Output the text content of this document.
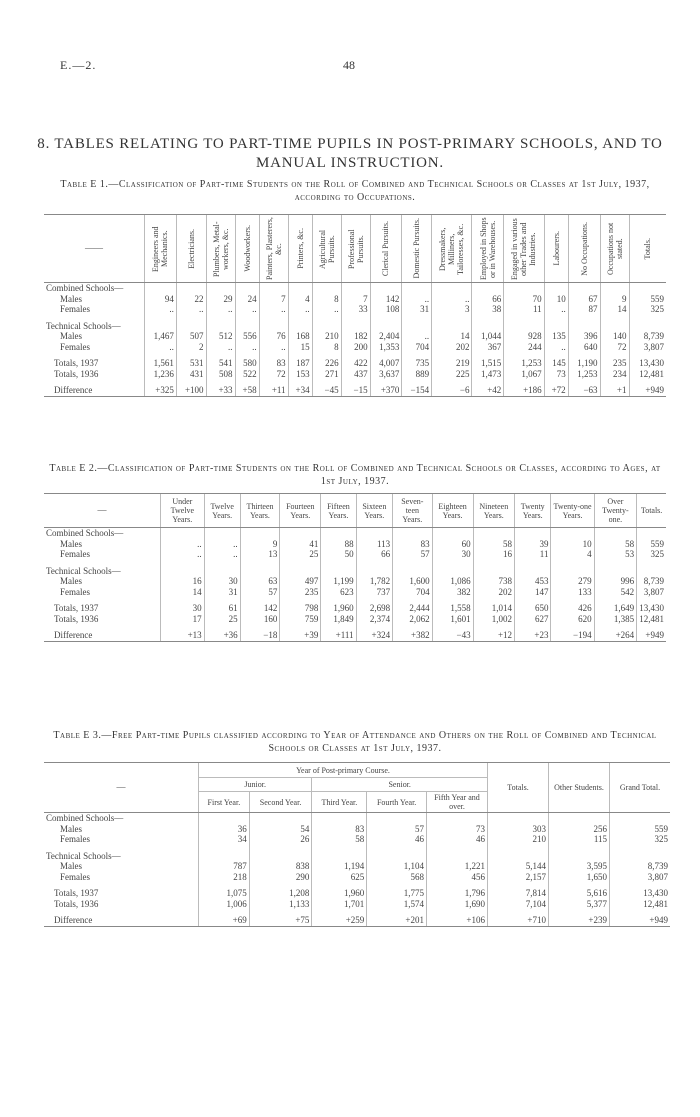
E.—2.	48
8. TABLES RELATING TO PART-TIME PUPILS IN POST-PRIMARY SCHOOLS, AND TO MANUAL INSTRUCTION.
Table E 1.—Classification of Part-time Students on the Roll of Combined and Technical Schools or Classes at 1st July, 1937, according to Occupations.
——	Engineers and Mechanics.	Electricians.	Plumbers, Metal-workers, &c.	Woodworkers.	Painters, Plasterers, &c.	Printers, &c.	Agricultural Pursuits.	Professional Pursuits.	Clerical Pursuits.	Domestic Pursuits.	Dressmakers, Milliners, Tailoresses, &c.	Employed in Shops or in Warehouses.	Engaged in various other Trades and Industries.	Labourers.	No Occupations.	Occupations not stated.	Totals.

Combined Schools—																	
Males	94	22	29	24	7	4	8	7	142	..	..	66	70	10	67	9	559
Females	..	..	..	..	..	..	..	33	108	31	3	38	11	..	87	14	325

Technical Schools—																	
Males	1,467	507	512	556	76	168	210	182	2,404	..	14	1,044	928	135	396	140	8,739
Females	..	2	..	..	..	15	8	200	1,353	704	202	367	244	..	640	72	3,807

Totals, 1937	1,561	531	541	580	83	187	226	422	4,007	735	219	1,515	1,253	145	1,190	235	13,430
Totals, 1936	1,236	431	508	522	72	153	271	437	3,637	889	225	1,473	1,067	73	1,253	234	12,481

Difference	+325	+100	+33	+58	+11	+34	−45	−15	+370	−154	−6	+42	+186	+72	−63	+1	+949
Table E 2.—Classification of Part-time Students on the Roll of Combined and Technical Schools or Classes, according to Ages, at 1st July, 1937.
—	Under Twelve Years.	Twelve Years.	Thirteen Years.	Fourteen Years.	Fifteen Years.	Sixteen Years.	Seven-teen Years.	Eighteen Years.	Nineteen Years.	Twenty Years.	Twenty-one Years.	Over Twenty-one.	Totals.
Combined Schools—													
Males	..	..	9	41	88	113	83	60	58	39	10	58	559
Females	..	..	13	25	50	66	57	30	16	11	4	53	325

Technical Schools—													
Males	16	30	63	497	1,199	1,782	1,600	1,086	738	453	279	996	8,739
Females	14	31	57	235	623	737	704	382	202	147	133	542	3,807

Totals, 1937	30	61	142	798	1,960	2,698	2,444	1,558	1,014	650	426	1,649	13,430
Totals, 1936	17	25	160	759	1,849	2,374	2,062	1,601	1,002	627	620	1,385	12,481

Difference	+13	+36	−18	+39	+111	+324	+382	−43	+12	+23	−194	+264	+949
Table E 3.—Free Part-time Pupils classified according to Year of Attendance and Others on the Roll of Combined and Technical Schools or Classes at 1st July, 1937.
—	Year of Post-primary Course.					Totals.	Other Students.	Grand Total.
	Junior.		Senior.					
	First Year.	Second Year.	Third Year.	Fourth Year.	Fifth Year and over.			
Combined Schools—								
Males	36	54	83	57	73	303	256	559
Females	34	26	58	46	46	210	115	325

Technical Schools—								
Males	787	838	1,194	1,104	1,221	5,144	3,595	8,739
Females	218	290	625	568	456	2,157	1,650	3,807

Totals, 1937	1,075	1,208	1,960	1,775	1,796	7,814	5,616	13,430
Totals, 1936	1,006	1,133	1,701	1,574	1,690	7,104	5,377	12,481

Difference	+69	+75	+259	+201	+106	+710	+239	+949
